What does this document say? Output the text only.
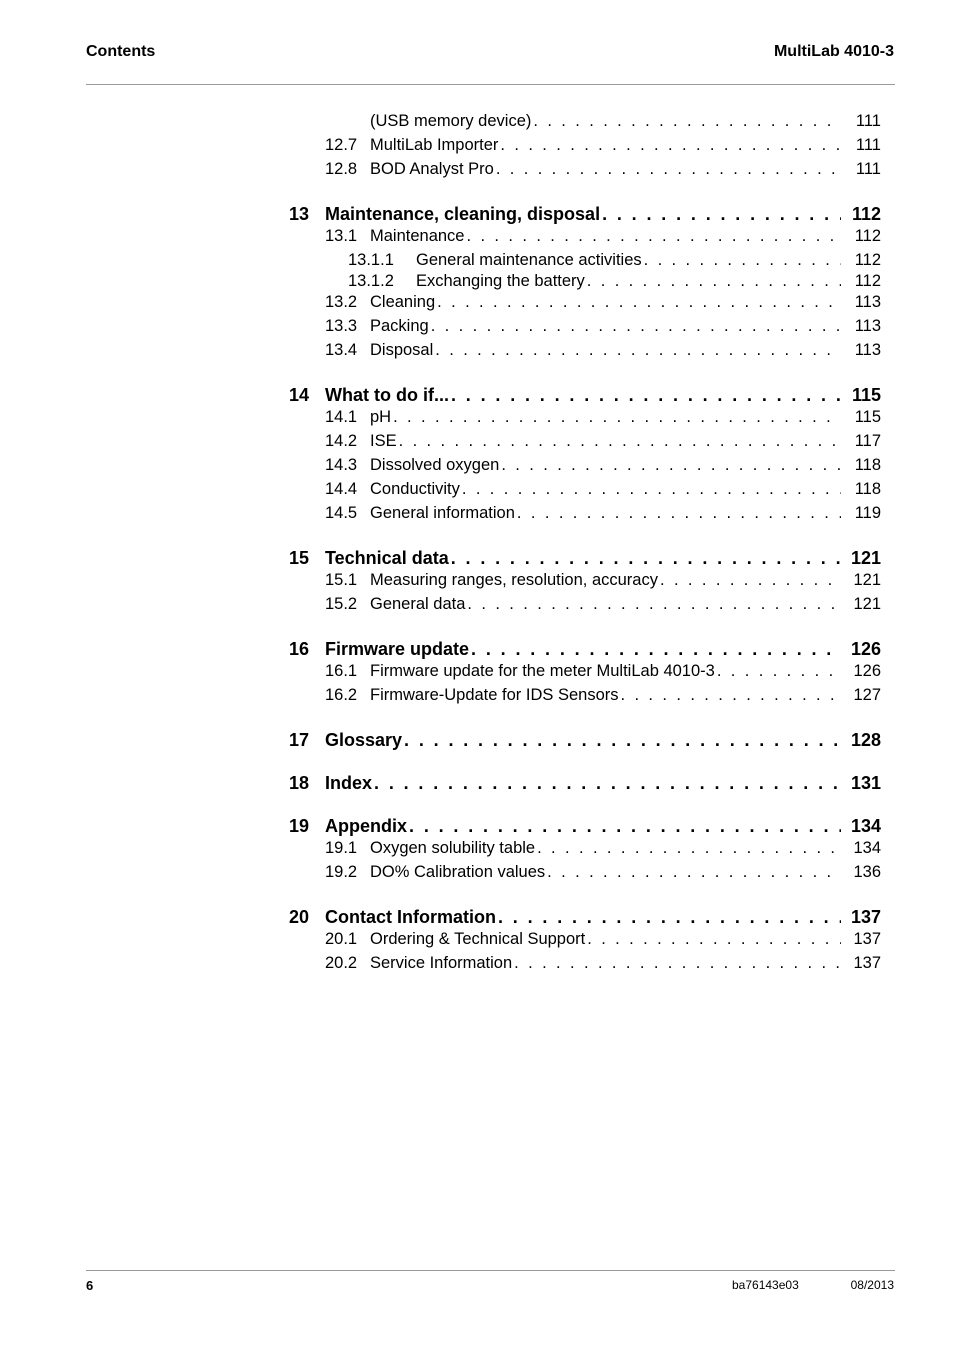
Contents	MultiLab 4010-3
(USB memory device) . . .	111
12.7 MultiLab Importer . . .	111
12.8 BOD Analyst Pro . . .	111
13 Maintenance, cleaning, disposal . . .	112
13.1 Maintenance . . .	112
13.1.1 General maintenance activities . . .	112
13.1.2 Exchanging the battery . . .	112
13.2 Cleaning . . .	113
13.3 Packing . . .	113
13.4 Disposal . . .	113
14 What to do if... . . .	115
14.1 pH . . .	115
14.2 ISE . . .	117
14.3 Dissolved oxygen . . .	118
14.4 Conductivity . . .	118
14.5 General information . . .	119
15 Technical data . . .	121
15.1 Measuring ranges, resolution, accuracy . . .	121
15.2 General data . . .	121
16 Firmware update . . .	126
16.1 Firmware update for the meter MultiLab 4010-3 . . .	126
16.2 Firmware-Update for IDS Sensors . . .	127
17 Glossary . . .	128
18 Index . . .	131
19 Appendix . . .	134
19.1 Oxygen solubility table . . .	134
19.2 DO% Calibration values . . .	136
20 Contact Information . . .	137
20.1 Ordering & Technical Support . . .	137
20.2 Service Information . . .	137
6	ba76143e03	08/2013
